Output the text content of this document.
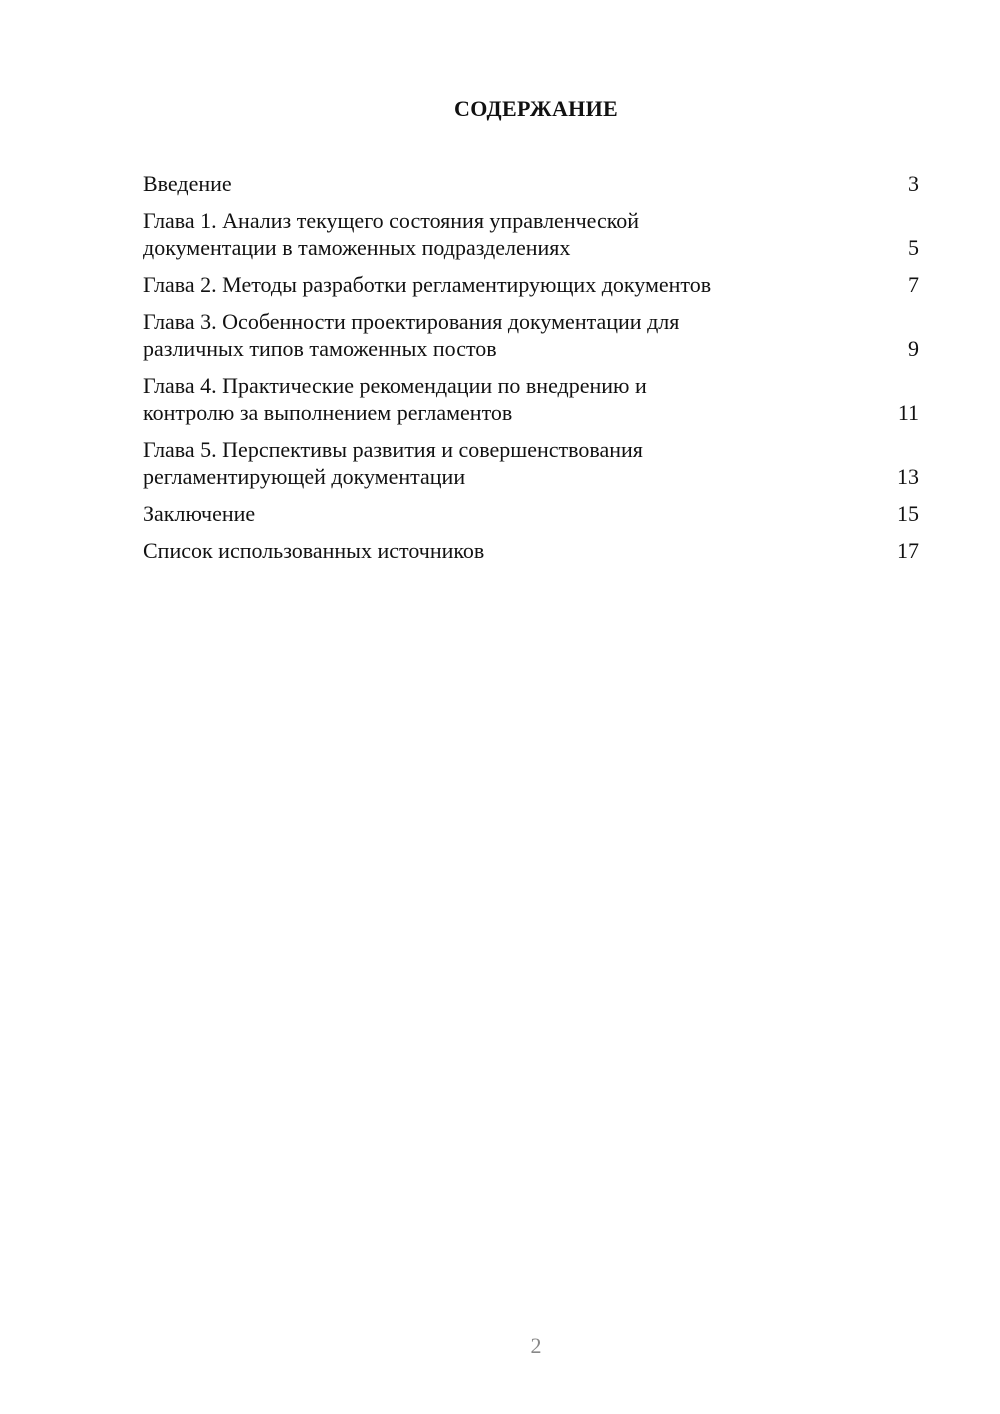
СОДЕРЖАНИЕ
Введение	3
Глава 1. Анализ текущего состояния управленческой
документации в таможенных подразделениях	5
Глава 2. Методы разработки регламентирующих документов	7
Глава 3. Особенности проектирования документации для
различных типов таможенных постов	9
Глава 4. Практические рекомендации по внедрению и
контролю за выполнением регламентов	11
Глава 5. Перспективы развития и совершенствования
регламентирующей документации	13
Заключение	15
Список использованных источников	17
2
